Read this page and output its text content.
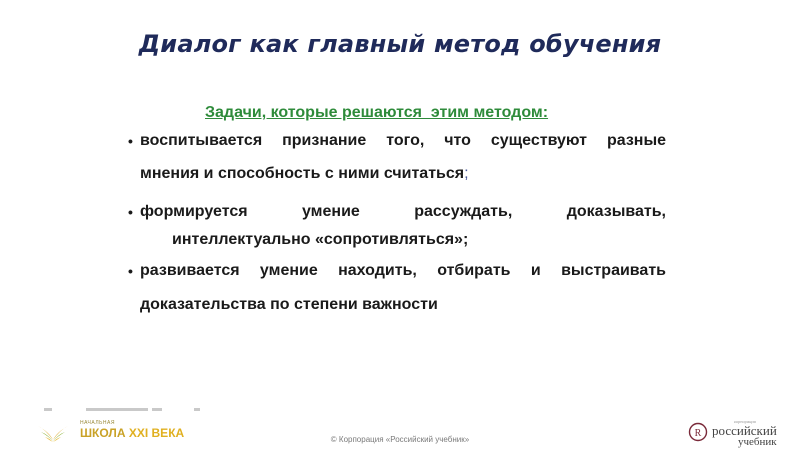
Диалог как главный метод обучения
Задачи, которые решаются  этим методом:
• воспитывается признание того, что существуют разные
мнения и способность с ними считаться;
• формируется умение рассуждать, доказывать,
интеллектуально «сопротивляться»;
• развивается умение находить, отбирать и выстраивать
доказательства по степени важности
НАЧАЛЬНАЯ
ШКОЛА XXI ВЕКА	© Корпорация «Российский учебник»
R
корпорация
российский
учебник
